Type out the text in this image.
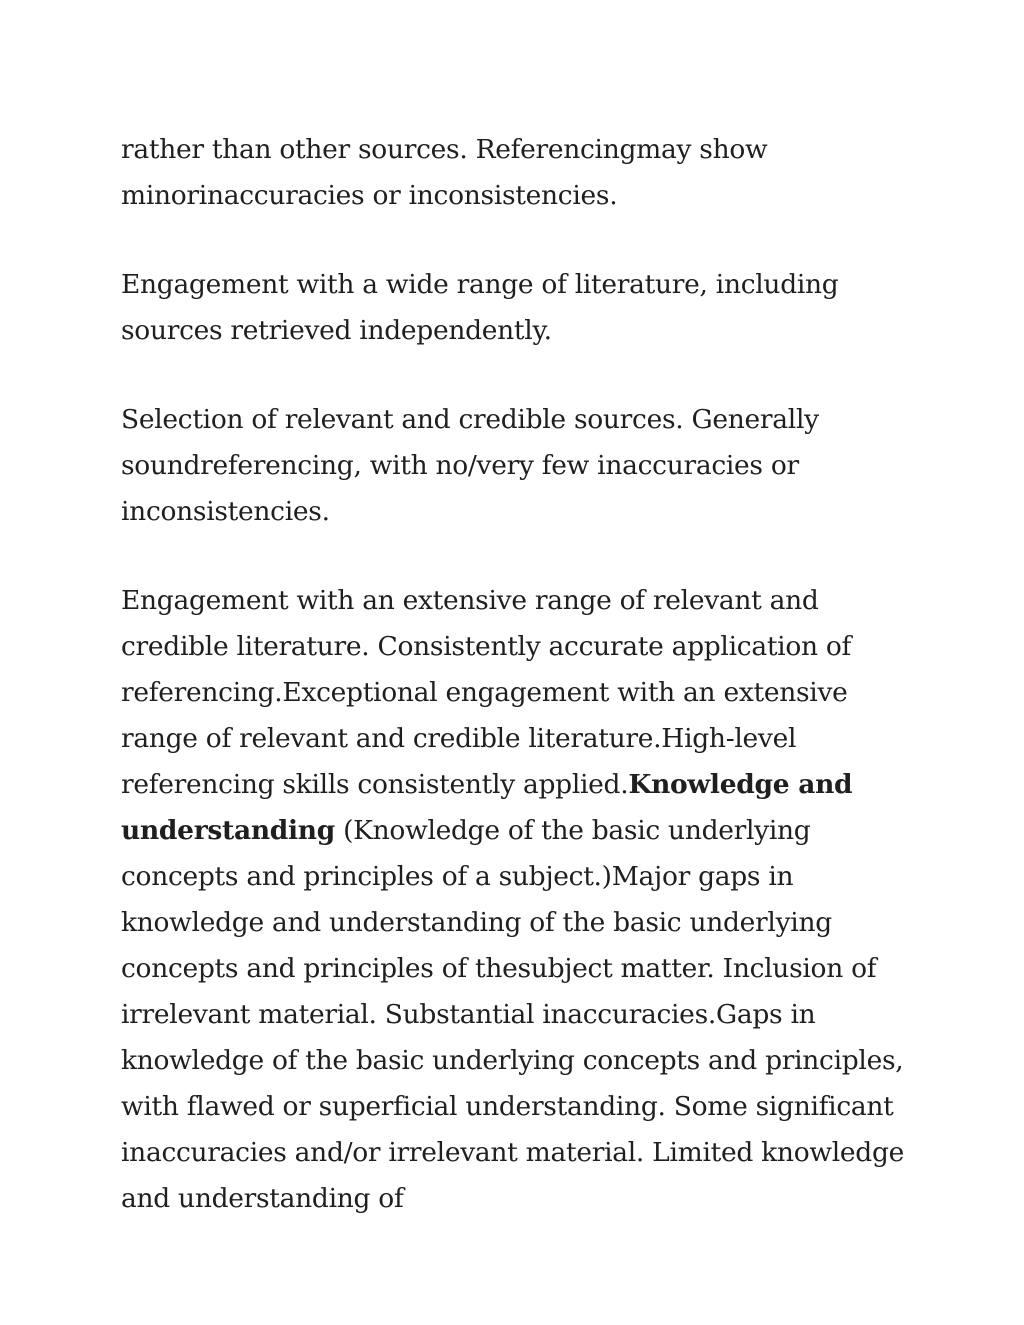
rather than other sources. Referencingmay show minorinaccuracies or inconsistencies.

Engagement with a wide range of literature, including sources retrieved independently.

Selection of relevant and credible sources. Generally soundreferencing, with no/very few inaccuracies or inconsistencies.

Engagement with an extensive range of relevant and credible literature. Consistently accurate application of referencing.Exceptional engagement with an extensive range of relevant and credible literature.High-level referencing skills consistently applied.Knowledge and understanding (Knowledge of the basic underlying concepts and principles of a subject.)Major gaps in knowledge and understanding of the basic underlying concepts and principles of thesubject matter. Inclusion of irrelevant material. Substantial inaccuracies.Gaps in knowledge of the basic underlying concepts and principles, with flawed or superficial understanding. Some significant inaccuracies and/or irrelevant material. Limited knowledge and understanding of
